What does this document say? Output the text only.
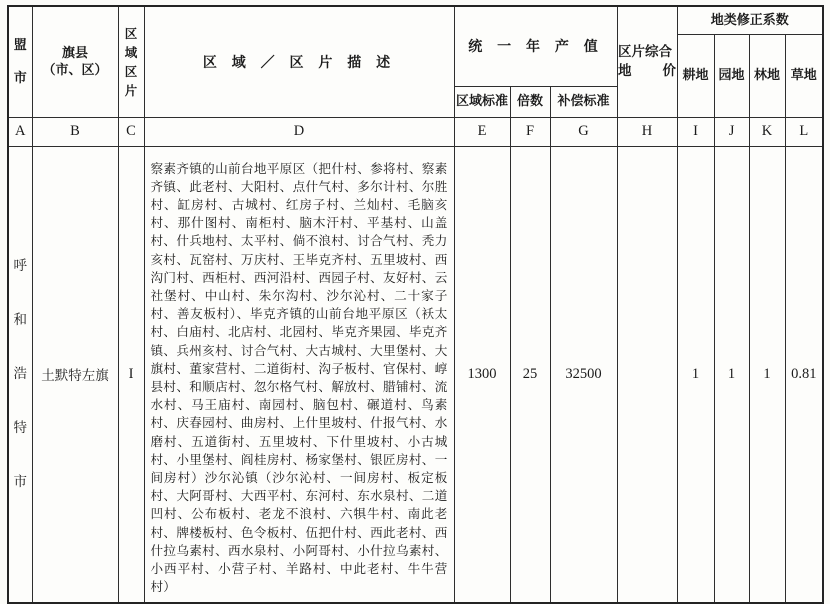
盟市

旗县
（市、区）

区域区片
	区 域 ／ 区 片 描 述	统 一 年 产 值	区片综合
地 价
	地类修正系数
								耕地	园地	林地	草地
				区域标准	倍数	补偿标准					
A	B	C	D	E	F	G	H	I	J	K	L

呼和浩特市	土默特左旗	I	察素齐镇的山前台地平原区（把什村、参将村、察素齐镇、此老村、大阳村、点什气村、多尔计村、尔胜村、缸房村、古城村、红房子村、兰灿村、毛脑亥村、那什图村、南柜村、脑木汗村、平基村、山盖村、什兵地村、太平村、倘不浪村、讨合气村、秃力亥村、瓦窑村、万庆村、王毕克齐村、五里坡村、西沟门村、西柜村、西河沿村、西园子村、友好村、云社堡村、中山村、朱尔沟村、沙尔沁村、二十家子村、善友板村）、毕克齐镇的山前台地平原区（袄太村、白庙村、北店村、北园村、毕克齐果园、毕克齐镇、兵州亥村、讨合气村、大古城村、大里堡村、大旗村、董家营村、二道街村、沟子板村、官保村、崞县村、和顺店村、忽尔格气村、解放村、腊铺村、流水村、马王庙村、南园村、脑包村、碾道村、鸟素村、庆春园村、曲房村、上什里坡村、什报气村、水磨村、五道街村、五里坡村、下什里坡村、小古城村、小里堡村、阎桂房村、杨家堡村、银匠房村、一间房村）沙尔沁镇（沙尔沁村、一间房村、板定板村、大阿哥村、大西平村、东河村、东水泉村、二道凹村、公布板村、老龙不浪村、六犋牛村、南此老村、牌楼板村、色令板村、伍把什村、西此老村、西什拉乌素村、西水泉村、小阿哥村、小什拉乌素村、小西平村、小营子村、羊路村、中此老村、牛牛营村）	1300	25	32500		1	1	1	0.81
